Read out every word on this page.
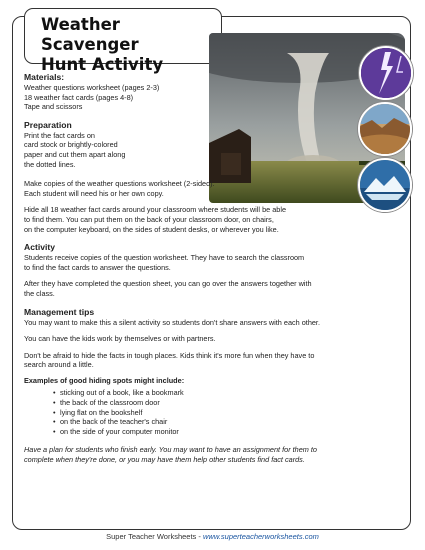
Weather Scavenger
Hunt Activity
Materials:

Weather questions worksheet (pages 2-3)

18 weather fact cards (pages 4-8)

Tape and scissors

Preparation

Print the fact cards on

card stock or brightly-colored

paper and cut them apart along

the dotted lines.

Make copies of the weather questions worksheet (2-sided).

Each student will need his or her own copy.

Hide all 18 weather fact cards around your classroom where students will be able

to find them. You can put them on the back of your classroom door, on chairs,

on the computer keyboard, on the sides of student desks, or wherever you like.

Activity

Students receive copies of the question worksheet. They have to search the classroom

to find the fact cards to answer the questions.

After they have completed the question sheet, you can go over the answers together with

the class.

Management tips

You may want to make this a silent activity so students don't share answers with each other.

You can have the kids work by themselves or with partners.

Don't be afraid to hide the facts in tough places. Kids think it's more fun when they have to

search around a little.

Examples of good hiding spots might include:

• sticking out of a book, like a bookmark
• the back of the classroom door
• lying flat on the bookshelf
• on the back of the teacher's chair
• on the side of your computer monitor

Have a plan for students who finish early. You may want to have an assignment for them to

complete when they're done, or you may have them help other students find fact cards.

Super Teacher Worksheets - www.superteacherworksheets.com
